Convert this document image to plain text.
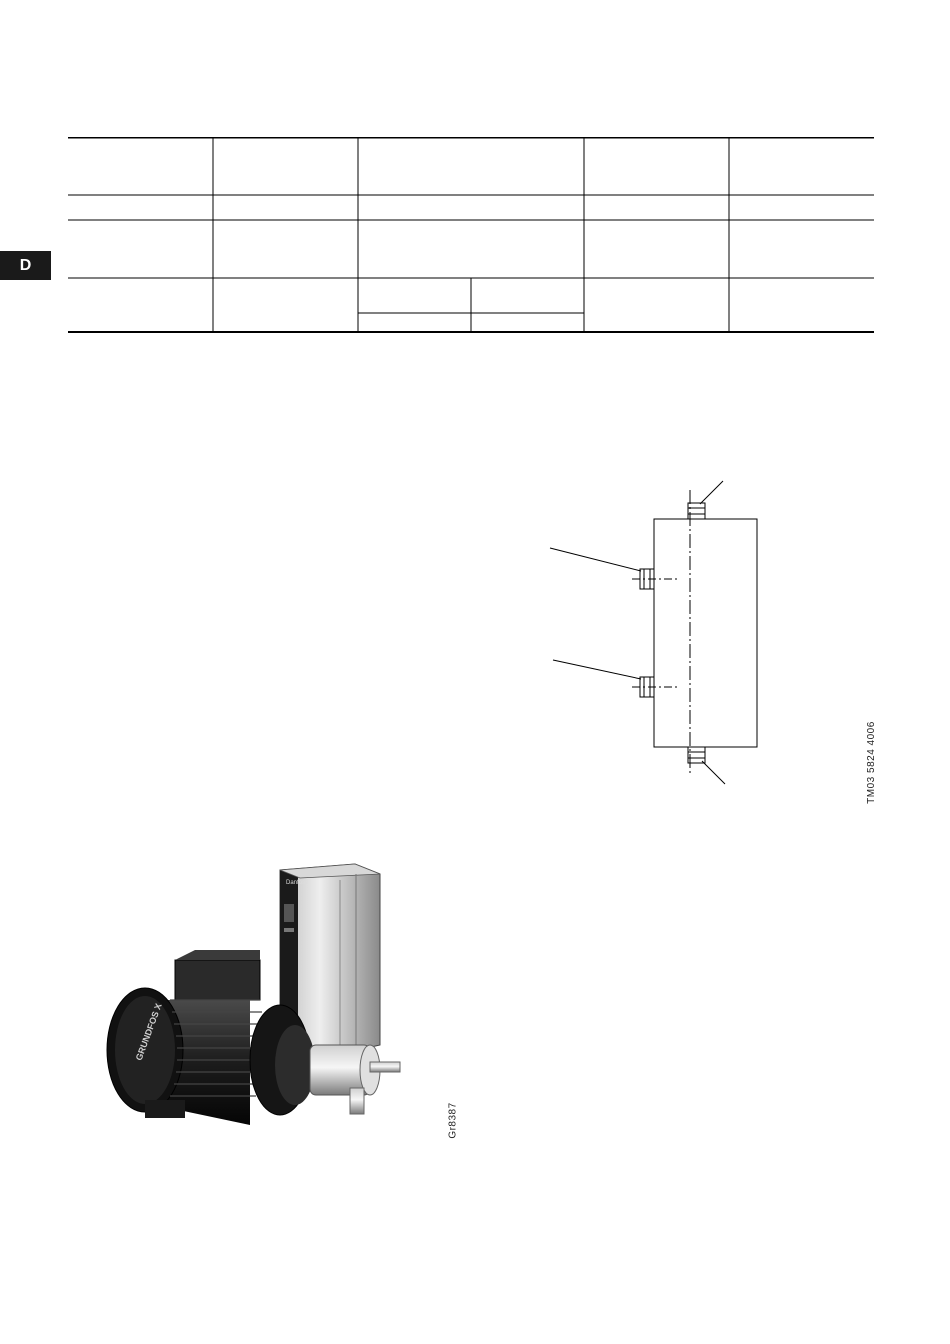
D
TM03 5824 4006
Danfoss
GRUNDFOS X
Gr8387
